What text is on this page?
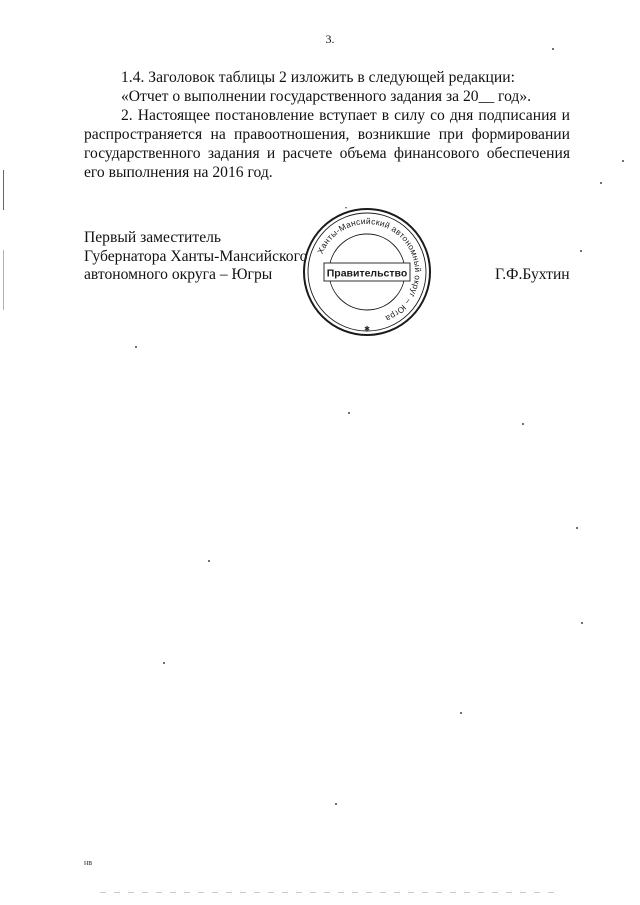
3.

1.4. Заголовок таблицы 2 изложить в следующей редакции:

«Отчет о выполнении государственного задания за 20__ год».

2. Настоящее постановление вступает в силу со дня подписания и распространяется на правоотношения, возникшие при формировании государственного задания и расчете объема финансового обеспечения его выполнения на 2016 год.

Первый заместитель
Губернатора Ханты-Мансийского
автономного округа – Югры	Г.Ф.Бухтин
Ханты-Мансийский автономный округ – Югра
Правительство
✱
⌃
нв
